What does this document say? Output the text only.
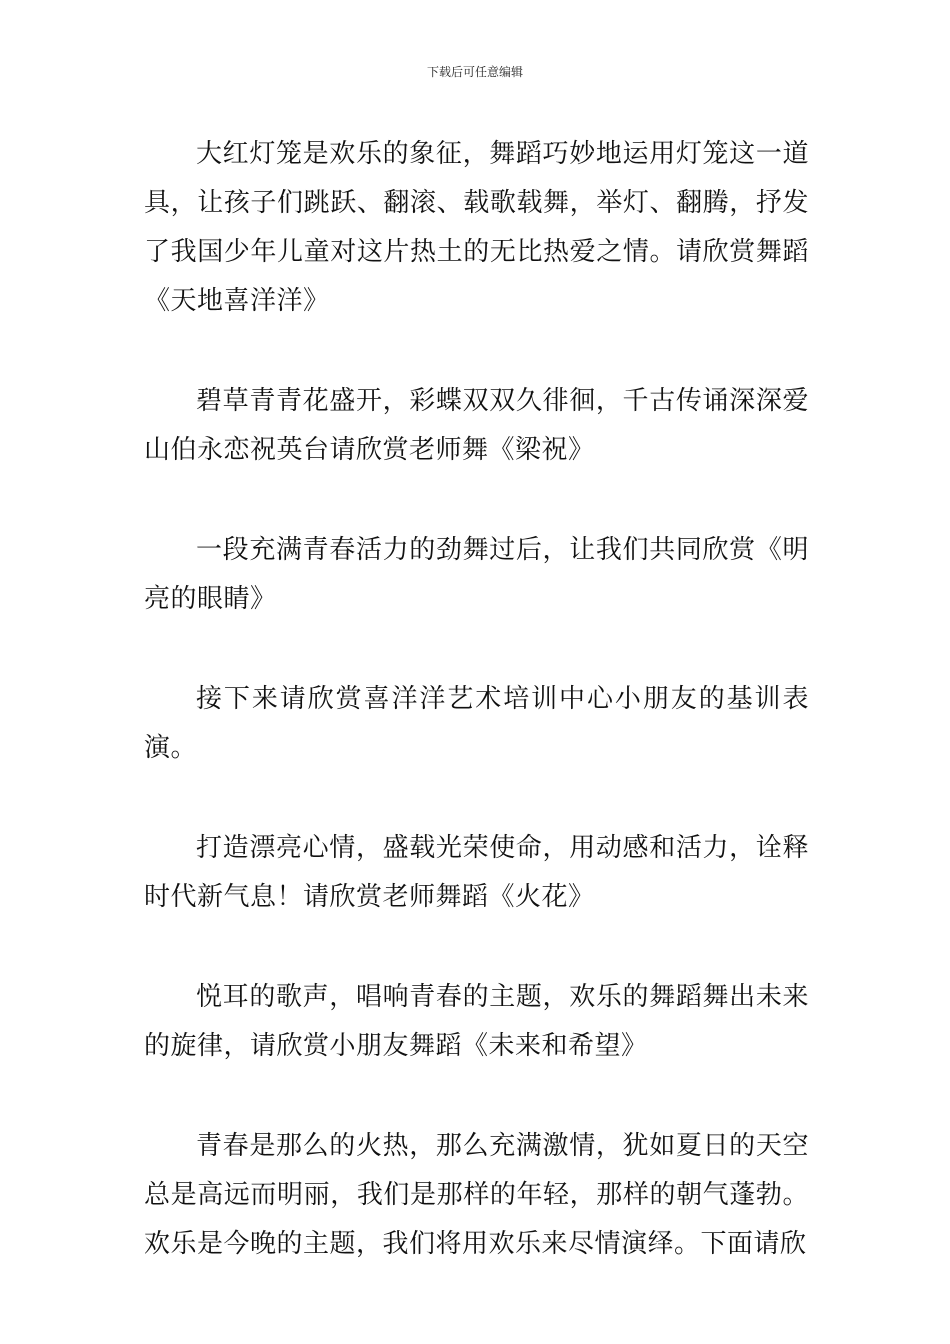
下载后可任意编辑

大红灯笼是欢乐的象征，舞蹈巧妙地运用灯笼这一道具，让孩子们跳跃、翻滚、载歌载舞，举灯、翻腾，抒发了我国少年儿童对这片热土的无比热爱之情。请欣赏舞蹈《天地喜洋洋》

碧草青青花盛开，彩蝶双双久徘徊，千古传诵深深爱山伯永恋祝英台请欣赏老师舞《梁祝》

一段充满青春活力的劲舞过后，让我们共同欣赏《明亮的眼睛》

接下来请欣赏喜洋洋艺术培训中心小朋友的基训表演。

打造漂亮心情，盛载光荣使命，用动感和活力，诠释时代新气息！请欣赏老师舞蹈《火花》

悦耳的歌声，唱响青春的主题，欢乐的舞蹈舞出未来的旋律，请欣赏小朋友舞蹈《未来和希望》

青春是那么的火热，那么充满激情，犹如夏日的天空总是高远而明丽，我们是那样的年轻，那样的朝气蓬勃。欢乐是今晚的主题，我们将用欢乐来尽情演绎。下面请欣
